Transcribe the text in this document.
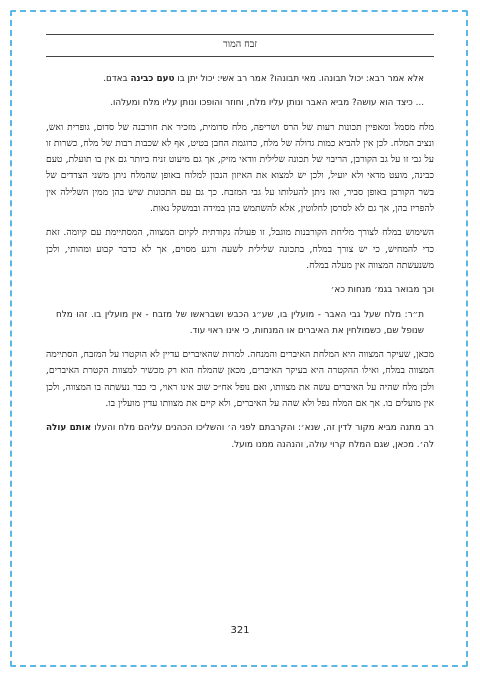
זבח המור

אלא אמר רבא: יכול תבונהו. מאי תבונהו? אמר רב אשי: יכול יתן בו טעם כבינה באדם.

... כיצד הוא עושה? מביא האבר ונותן עליו מלח, וחוזר והופכו ונותן עליו מלח ומעלהו.

מלח מסמל ומאפיין תכונות רעות של הרס ושריפה, מלח סדומית, מזכיר את חורבנה של סדום, גופרית ואש, ונציב המלח. לכן אין להביא כמות גדולה של מלח, כדוגמת החבן בטיט, אף לא שכבות רבות של מלח, כשרות זו על גבי זו על גב הקורבן, הריבוי של תכונה שלילית וודאי מזיק, אך גם מיעוט זניח ביותר גם אין בו תועלת, טעם כבינה, מועט מדאי ולא יועיל, ולכן יש למצוא את האיזון הנכון למלוח באופן שהמלח ניתן משני הצדדים של בשר הקורבן באופן סביר, ואז ניתן להעלותו על גבי המזבח. כך גם עם התכונות שיש בהן ממין השלילה אין להפריז בהן, אך גם לא לסרסן לחלוטין, אלא להשתמש בהן במידה ובמשקל נאות.

השימוש במלח לצורך מליחת הקורבנות מוגבל, זו פעולה נקודתית לקיום המצווה, המסתיימת עם קיומה. זאת כדי להמחיש, כי יש צורך במלח, בתכונה שלילית לשעה ורגע מסוים, אך לא כדבר קבוע ומהותי, ולכן משנעשתה המצווה אין מעלה במלח.

וכך מבואר בגמ׳ מנחות כא׳

ת״ר: מלח שעל גבי האבר - מועלין בו, שע״ג הכבש ושבראשו של מזבח - אין מועלין בו. זהו מלח שנופל שם, כשמולחין את האיברים או המנחות, כי אינו ראוי עוד.

מכאן, שעיקר המצווה היא המלחת האיברים והמנחה. למרות שהאיברים עדיין לא הוקטרו על המזבח, הסתיימה המצווה במלח, ואילו ההקטרה היא בעיקר האיברים, מכאן שהמלח הוא רק מכשיר למצוות הקטרת האיברים, ולכן מלח שהיה על האיברים עשה את מצוותו, ואם נופל אח״כ שוב אינו ראוי, כי כבר נעשתה בו המצווה, ולכן אין מועלים בו. אך אם המלח נפל ולא שהה על האיברים, ולא קיים את מצוותו עדין מועלין בו.

רב מתנה מביא מקור לדין זה, שנא׳: והקרבתם לפני ה׳ והשליכו הכהנים עליהם מלח והעלו אותם עולה לה׳. מכאן, שגם המלח קרוי עולה, והנהנה ממנו מועל.

321
